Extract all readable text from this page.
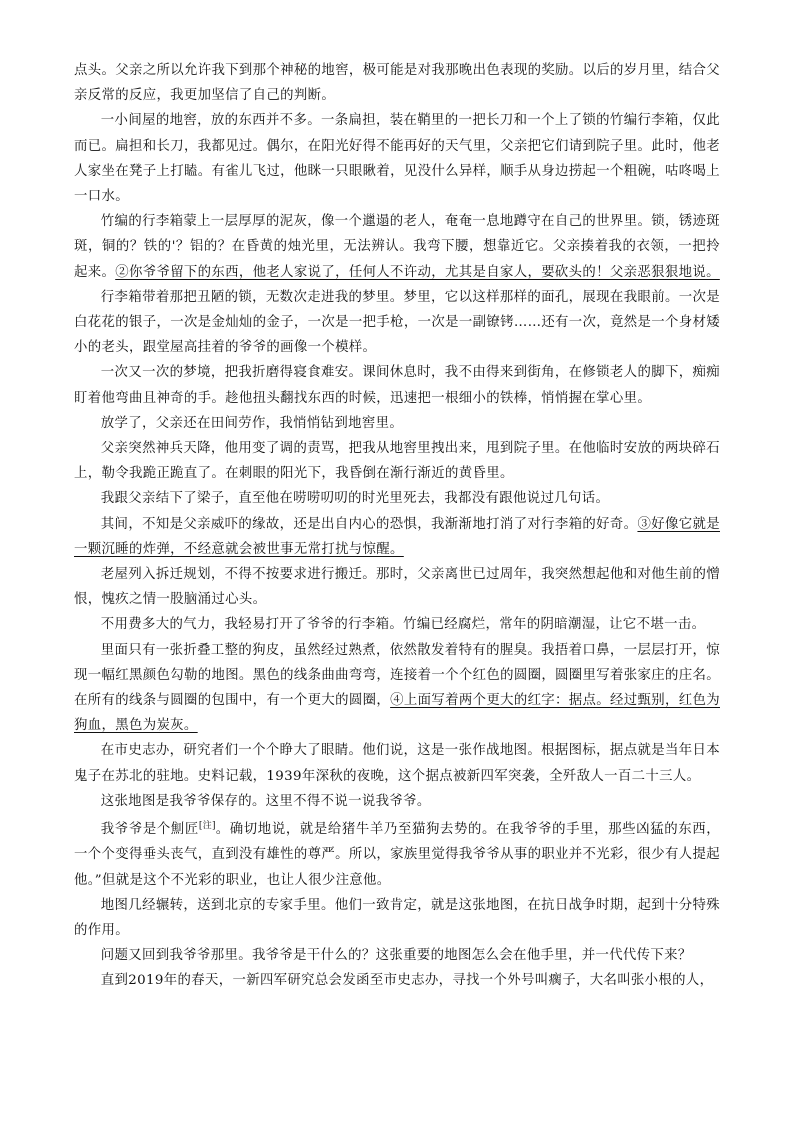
点头。父亲之所以允许我下到那个神秘的地窖，极可能是对我那晚出色表现的奖励。以后的岁月里，结合父亲反常的反应，我更加坚信了自己的判断。

一小间屋的地窖，放的东西并不多。一条扁担，装在鞘里的一把长刀和一个上了锁的竹编行李箱，仅此而已。扁担和长刀，我都见过。偶尔，在阳光好得不能再好的天气里，父亲把它们请到院子里。此时，他老人家坐在凳子上打瞌。有雀儿飞过，他眯一只眼瞅着，见没什么异样，顺手从身边捞起一个粗碗，咕咚喝上一口水。

竹编的行李箱蒙上一层厚厚的泥灰，像一个邋遢的老人，奄奄一息地蹲守在自己的世界里。锁，锈迹斑斑，铜的？铁的'？铝的？在昏黄的烛光里，无法辨认。我弯下腰，想靠近它。父亲揍着我的衣领，一把拎起来。②你爷爷留下的东西，他老人家说了，任何人不许动，尤其是自家人，要砍头的！父亲恶狠狠地说。

行李箱带着那把丑陋的锁，无数次走进我的梦里。梦里，它以这样那样的面孔，展现在我眼前。一次是白花花的银子，一次是金灿灿的金子，一次是一把手枪，一次是一副镣铐……还有一次，竟然是一个身材矮小的老头，跟堂屋高挂着的爷爷的画像一个模样。

一次又一次的梦境，把我折磨得寝食难安。课间休息时，我不由得来到街角，在修锁老人的脚下，痴痴盯着他弯曲且神奇的手。趁他扭头翻找东西的时候，迅速把一根细小的铁棒，悄悄握在掌心里。

放学了，父亲还在田间劳作，我悄悄钻到地窖里。

父亲突然神兵天降，他用变了调的责骂，把我从地窖里拽出来，甩到院子里。在他临时安放的两块碎石上，勒令我跪正跪直了。在刺眼的阳光下，我昏倒在渐行渐近的黄昏里。

我跟父亲结下了梁子，直至他在唠唠叨叨的时光里死去，我都没有跟他说过几句话。

其间，不知是父亲威吓的缘故，还是出自内心的恐惧，我渐渐地打消了对行李箱的好奇。③好像它就是一颗沉睡的炸弹，不经意就会被世事无常打扰与惊醒。

老屋列入拆迁规划，不得不按要求进行搬迁。那时，父亲离世已过周年，我突然想起他和对他生前的憎恨，愧疚之情一股脑涌过心头。

不用费多大的气力，我轻易打开了爷爷的行李箱。竹编已经腐烂，常年的阴暗潮湿，让它不堪一击。

里面只有一张折叠工整的狗皮，虽然经过熟煮，依然散发着特有的腥臭。我捂着口鼻，一层层打开，惊现一幅红黑颜色勾勒的地图。黑色的线条曲曲弯弯，连接着一个个红色的圆圈，圆圈里写着张家庄的庄名。在所有的线条与圆圈的包围中，有一个更大的圆圈，④上面写着两个更大的红字：据点。经过甄别，红色为狗血，黑色为炭灰。

在市史志办，研究者们一个个睁大了眼睛。他们说，这是一张作战地图。根据图标，据点就是当年日本鬼子在苏北的驻地。史料记载，1939年深秋的夜晚，这个据点被新四军突袭，全歼敌人一百二十三人。

这张地图是我爷爷保存的。这里不得不说一说我爷爷。

我爷爷是个劁匠[注]。确切地说，就是给猪牛羊乃至猫狗去势的。在我爷爷的手里，那些凶猛的东西，一个个变得垂头丧气，直到没有雄性的尊严。所以，家族里觉得我爷爷从事的职业并不光彩，很少有人提起他。”但就是这个不光彩的职业，也让人很少注意他。

地图几经辗转，送到北京的专家手里。他们一致肯定，就是这张地图，在抗日战争时期，起到十分特殊的作用。

问题又回到我爷爷那里。我爷爷是干什么的？这张重要的地图怎么会在他手里，并一代代传下来？

直到2019年的春天，一新四军研究总会发函至市史志办，寻找一个外号叫瘸子，大名叫张小根的人，
